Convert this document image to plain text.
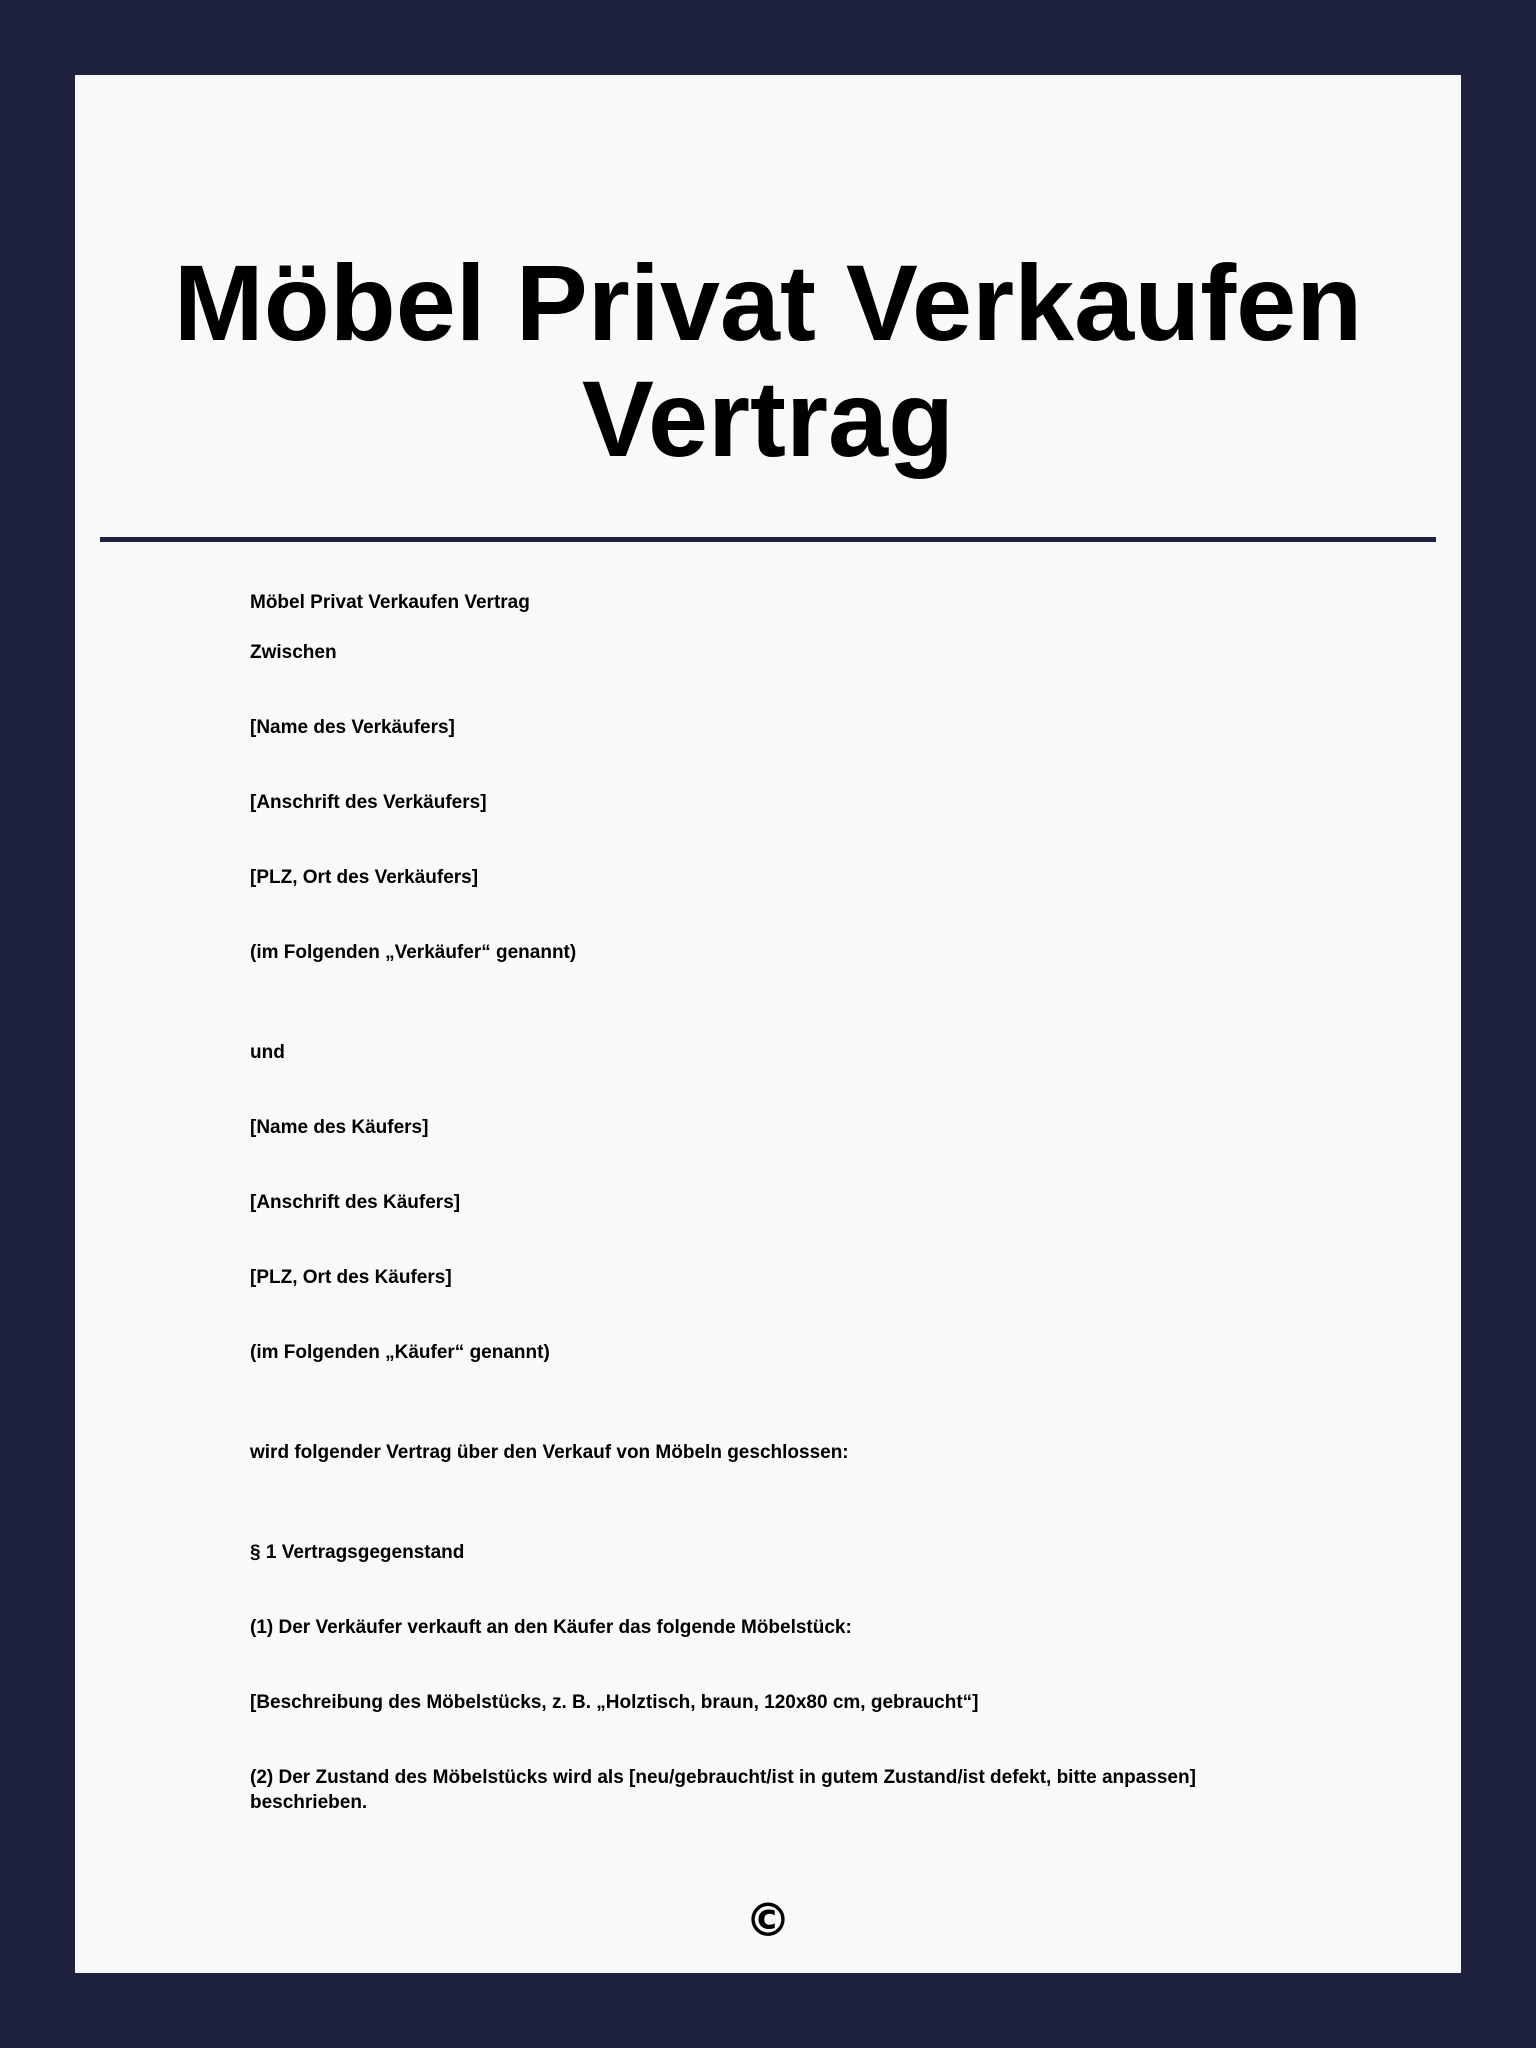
Möbel Privat Verkaufen Vertrag

Möbel Privat Verkaufen Vertrag

Zwischen

[Name des Verkäufers]

[Anschrift des Verkäufers]

[PLZ, Ort des Verkäufers]

(im Folgenden „Verkäufer“ genannt)

und

[Name des Käufers]

[Anschrift des Käufers]

[PLZ, Ort des Käufers]

(im Folgenden „Käufer“ genannt)

wird folgender Vertrag über den Verkauf von Möbeln geschlossen:

§ 1 Vertragsgegenstand

(1) Der Verkäufer verkauft an den Käufer das folgende Möbelstück:

[Beschreibung des Möbelstücks, z. B. „Holztisch, braun, 120x80 cm, gebraucht“]

(2) Der Zustand des Möbelstücks wird als [neu/gebraucht/ist in gutem Zustand/ist defekt, bitte anpassen] beschrieben.

©
